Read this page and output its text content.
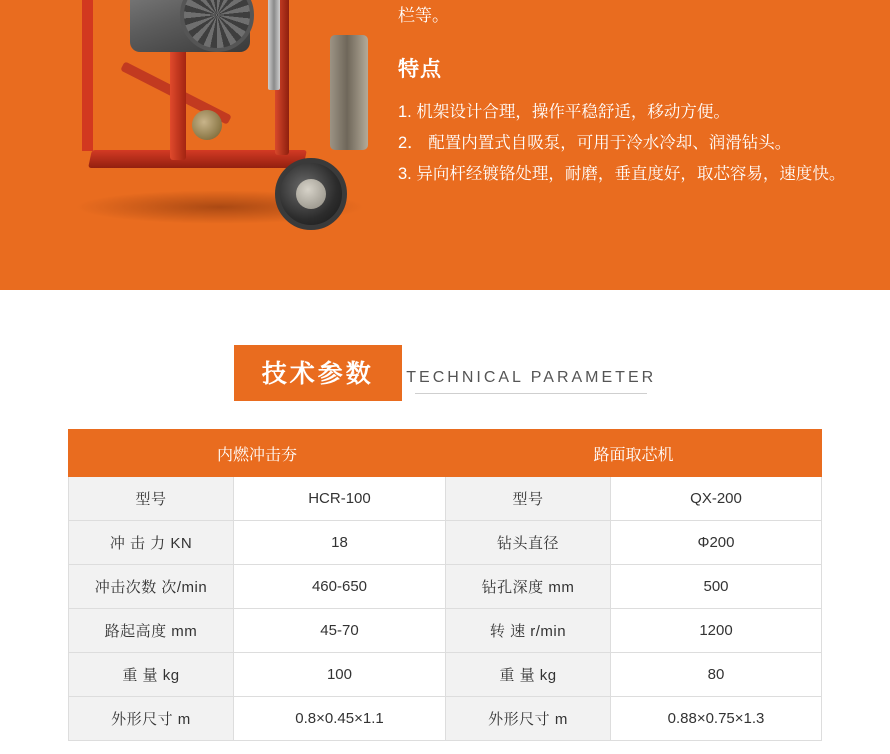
栏等。

特点
1. 机架设计合理，操作平稳舒适，移动方便。
2． 配置内置式自吸泵，可用于冷水冷却、润滑钻头。
3. 异向杆经镀铬处理，耐磨，垂直度好，取芯容易，速度快。
技术参数 TECHNICAL PARAMETER
内燃冲击夯		路面取芯机	
型号	HCR-100	型号	QX-200
冲 击 力 KN	18	钻头直径	Φ200
冲击次数 次/min	460-650	钻孔深度 mm	500
路起高度 mm	45-70	转 速 r/min	1200
重 量 kg	100	重 量 kg	80
外形尺寸 m	0.8×0.45×1.1	外形尺寸 m	0.88×0.75×1.3
